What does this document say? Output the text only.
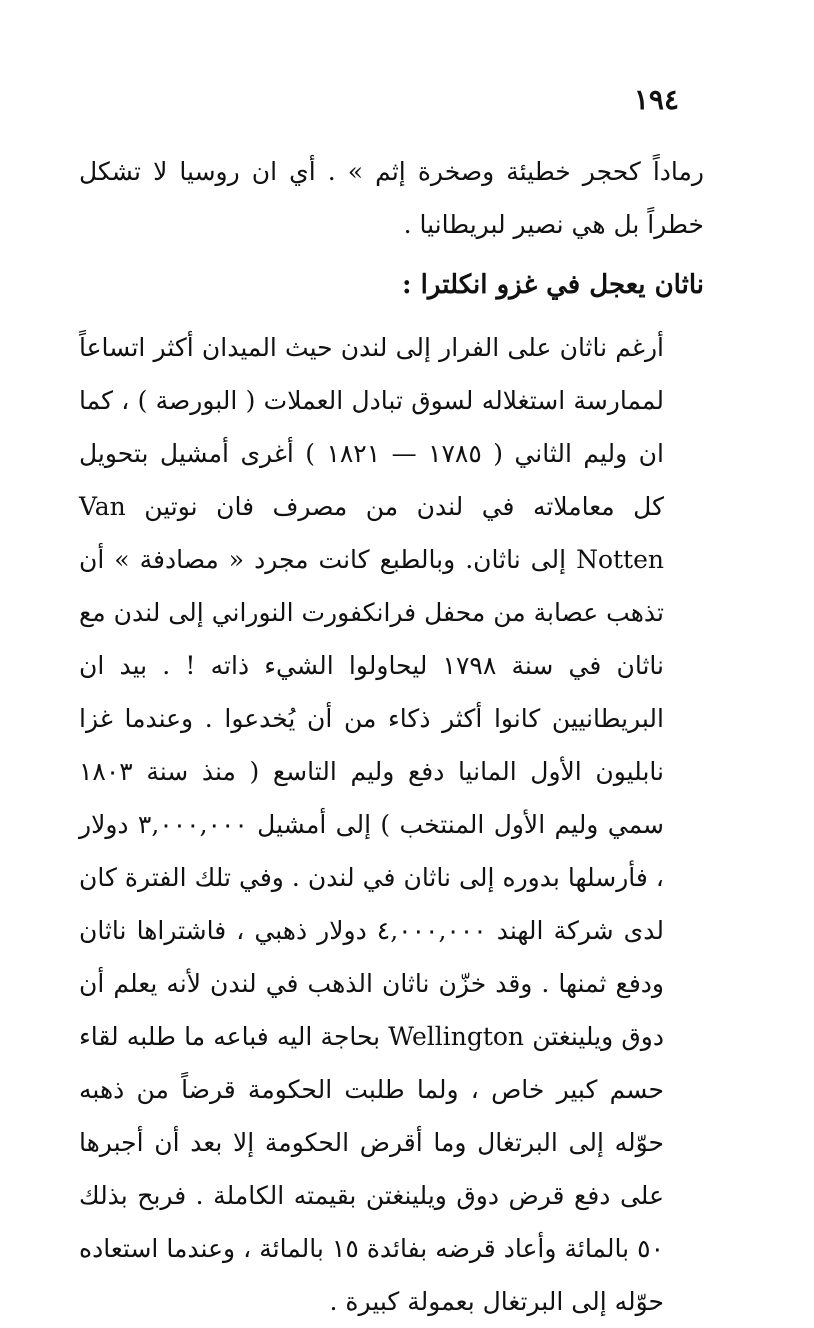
١٩٤

رماداً كحجر خطيئة وصخرة إثم » . أي ان روسيا لا تشكل خطراً بل هي نصير لبريطانيا .

ناثان يعجل في غزو انكلترا :

أرغم ناثان على الفرار إلى لندن حيث الميدان أكثر اتساعاً لممارسة استغلاله لسوق تبادل العملات ( البورصة ) ، كما ان وليم الثاني ( ١٧٨٥ — ١٨٢١ ) أغرى أمشيل بتحويل كل معاملاته في لندن من مصرف فان نوتين Van Notten إلى ناثان. وبالطبع كانت مجرد « مصادفة » أن تذهب عصابة من محفل فرانكفورت النوراني إلى لندن مع ناثان في سنة ١٧٩٨ ليحاولوا الشيء ذاته ! . بيد ان البريطانيين كانوا أكثر ذكاء من أن يُخدعوا . وعندما غزا نابليون الأول المانيا دفع وليم التاسع ( منذ سنة ١٨٠٣ سمي وليم الأول المنتخب ) إلى أمشيل ٣,٠٠٠,٠٠٠ دولار ، فأرسلها بدوره إلى ناثان في لندن . وفي تلك الفترة كان لدى شركة الهند ٤,٠٠٠,٠٠٠ دولار ذهبي ، فاشتراها ناثان ودفع ثمنها . وقد خزّن ناثان الذهب في لندن لأنه يعلم أن دوق ويلينغتن Wellington بحاجة اليه فباعه ما طلبه لقاء حسم كبير خاص ، ولما طلبت الحكومة قرضاً من ذهبه حوّله إلى البرتغال وما أقرض الحكومة إلا بعد أن أجبرها على دفع قرض دوق ويلينغتن بقيمته الكاملة . فربح بذلك ٥٠ بالمائة وأعاد قرضه بفائدة ١٥ بالمائة ، وعندما استعاده حوّله إلى البرتغال بعمولة كبيرة .
